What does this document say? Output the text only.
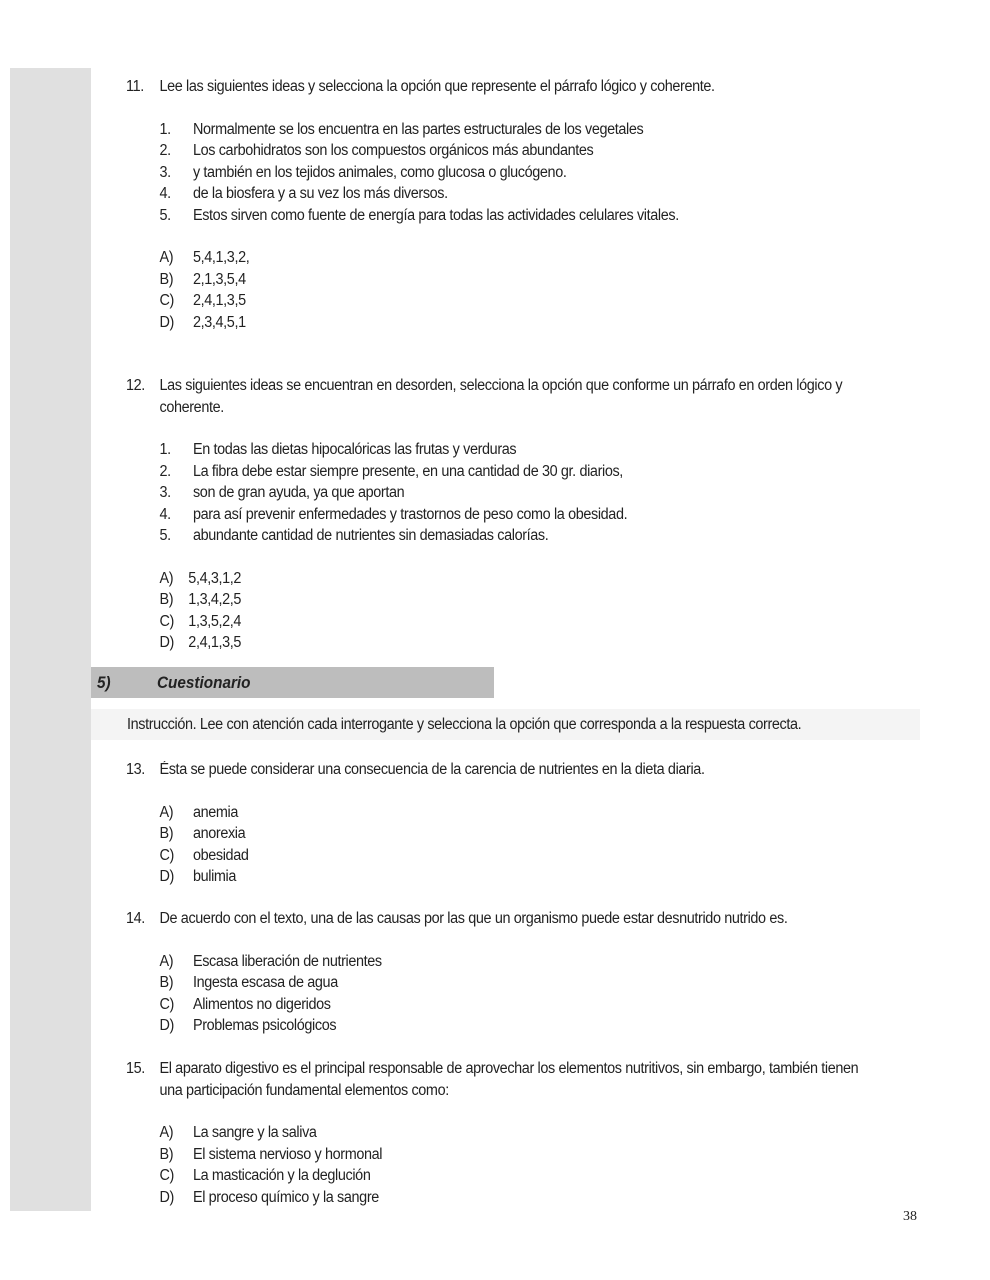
11. Lee las siguientes ideas y selecciona la opción que represente el párrafo lógico y coherente.
1. Normalmente se los encuentra en las partes estructurales de los vegetales
2. Los carbohidratos son los compuestos orgánicos más abundantes
3. y también en los tejidos animales, como glucosa o glucógeno.
4. de la biosfera y a su vez los más diversos.
5. Estos sirven como fuente de energía para todas las actividades celulares vitales.
A) 5,4,1,3,2,
B) 2,1,3,5,4
C) 2,4,1,3,5
D) 2,3,4,5,1
12. Las siguientes ideas se encuentran en desorden, selecciona la opción que conforme un párrafo en orden lógico y coherente.
1. En todas las dietas hipocalóricas las frutas y verduras
2. La fibra debe estar siempre presente, en una cantidad de 30 gr. diarios,
3. son de gran ayuda, ya que aportan
4. para así prevenir enfermedades y trastornos de peso como la obesidad.
5. abundante cantidad de nutrientes sin demasiadas calorías.
A) 5,4,3,1,2
B) 1,3,4,2,5
C) 1,3,5,2,4
D) 2,4,1,3,5
5)	Cuestionario
Instrucción. Lee con atención cada interrogante y selecciona la opción que corresponda a la respuesta correcta.
13. Ésta se puede considerar una consecuencia de la carencia de nutrientes en la dieta diaria.
A) anemia
B) anorexia
C) obesidad
D) bulimia
14. De acuerdo con el texto, una de las causas por las que un organismo puede estar desnutrido nutrido es.
A) Escasa liberación de nutrientes
B) Ingesta escasa de agua
C) Alimentos no digeridos
D) Problemas psicológicos
15. El aparato digestivo es el principal responsable de aprovechar los elementos nutritivos, sin embargo, también tienen una participación fundamental elementos como:
A) La sangre y la saliva
B) El sistema nervioso y hormonal
C) La masticación y la deglución
D) El proceso químico y la sangre
38
